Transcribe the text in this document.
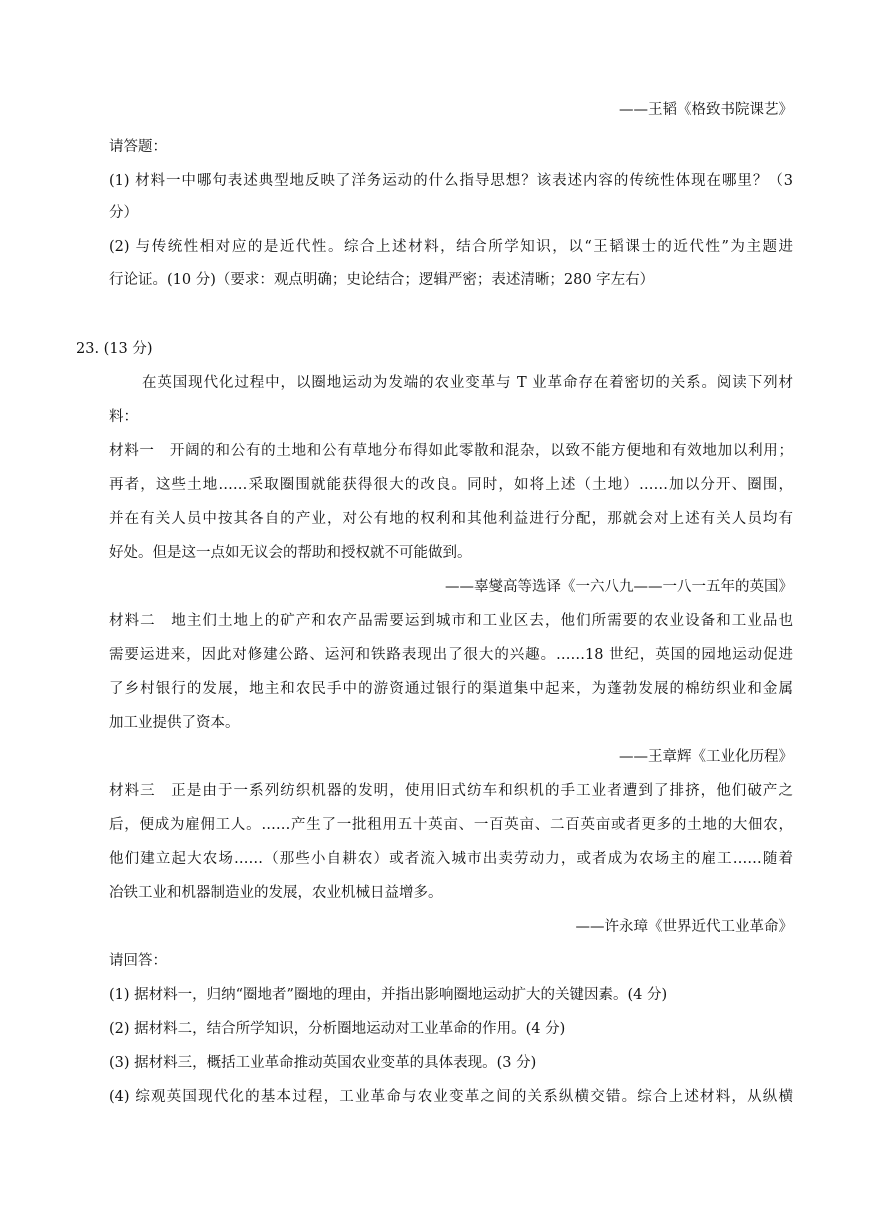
——王韬《格致书院课艺》
请答题：
(1) 材料一中哪句表述典型地反映了洋务运动的什么指导思想？该表述内容的传统性体现在哪里？（3
分）
(2) 与传统性相对应的是近代性。综合上述材料，结合所学知识，以“王韬课士的近代性”为主题进
行论证。(10 分)（要求：观点明确；史论结合；逻辑严密；表述清晰；280 字左右）
23. (13 分)
在英国现代化过程中，以圈地运动为发端的农业变革与 T 业革命存在着密切的关系。阅读下列材
料：
材料一　开阔的和公有的土地和公有草地分布得如此零散和混杂，以致不能方便地和有效地加以利用；
再者，这些土地……采取圈围就能获得很大的改良。同时，如将上述（土地）……加以分开、圈围，
并在有关人员中按其各自的产业，对公有地的权利和其他利益进行分配，那就会对上述有关人员均有
好处。但是这一点如无议会的帮助和授权就不可能做到。
——辜燮高等选译《一六八九——一八一五年的英国》
材料二　地主们土地上的矿产和农产品需要运到城市和工业区去，他们所需要的农业设备和工业品也
需要运进来，因此对修建公路、运河和铁路表现出了很大的兴趣。……18 世纪，英国的园地运动促进
了乡村银行的发展，地主和农民手中的游资通过银行的渠道集中起来，为蓬勃发展的棉纺织业和金属
加工业提供了资本。
——王章辉《工业化历程》
材料三　正是由于一系列纺织机器的发明，使用旧式纺车和织机的手工业者遭到了排挤，他们破产之
后，便成为雇佣工人。……产生了一批租用五十英亩、一百英亩、二百英亩或者更多的土地的大佃农，
他们建立起大农场……（那些小自耕农）或者流入城市出卖劳动力，或者成为农场主的雇工……随着
冶铁工业和机器制造业的发展，农业机械日益增多。
——许永璋《世界近代工业革命》
请回答：
(1) 据材料一，归纳“圈地者”圈地的理由，并指出影响圈地运动扩大的关键因素。(4 分)
(2) 据材料二，结合所学知识，分析圈地运动对工业革命的作用。(4 分)
(3) 据材料三，概括工业革命推动英国农业变革的具体表现。(3 分)
(4) 综观英国现代化的基本过程，工业革命与农业变革之间的关系纵横交错。综合上述材料，从纵横
